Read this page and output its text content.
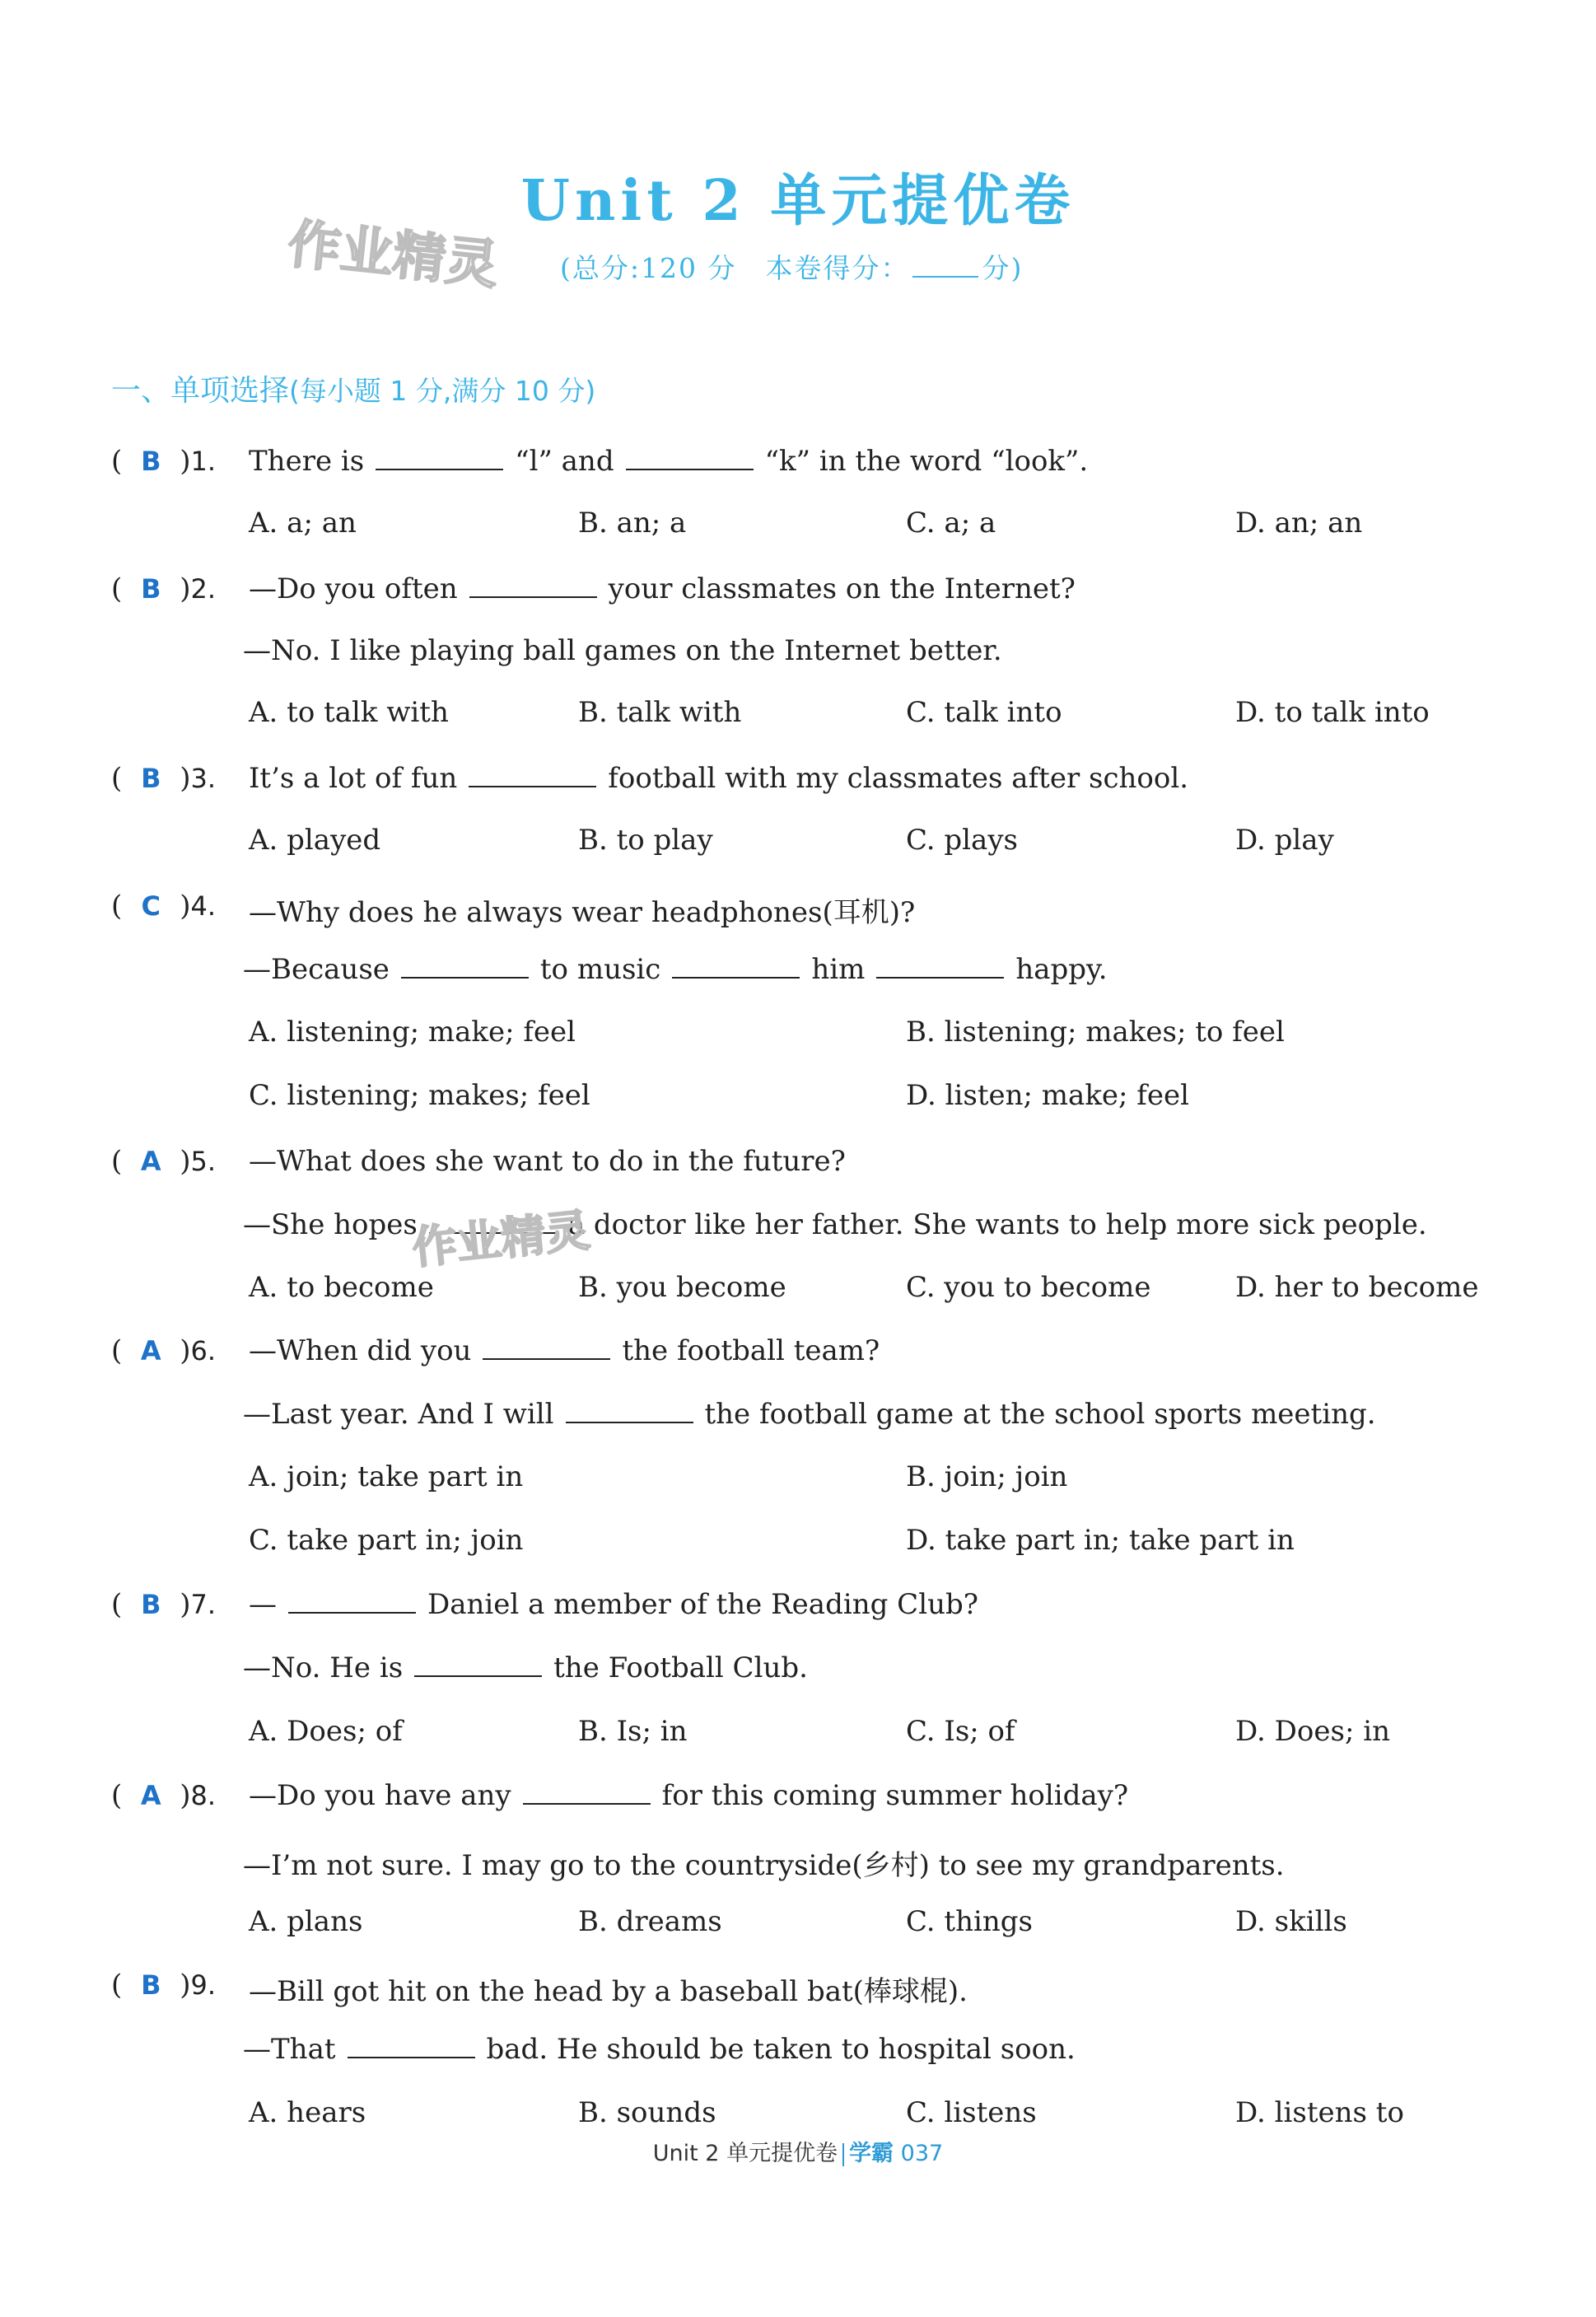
Unit 2 单元提优卷
作业精灵 (总分:120 分　本卷得分：	分)
一、单项选择(每小题 1 分,满分 10 分)
( B )1. There is	“l” and	“k” in the word “look”.
A. a; an	B. an; a	C. a; a	D. an; an
( B )2. —Do you often	your classmates on the Internet?
—No. I like playing ball games on the Internet better.
A. to talk with	B. talk with	C. talk into	D. to talk into
( B )3. It’s a lot of fun	football with my classmates after school.
A. played	B. to play	C. plays	D. play
( C )4. —Why does he always wear headphones(耳机)?
—Because	to music	him	happy.
A. listening; make; feel	B. listening; makes; to feel
C. listening; makes; feel	D. listen; make; feel
( A )5. —What does she want to do in the future?
—She hopes	a doctor like her father. She wants to help more sick people.
A. to become	B. you become	C. you to become	D. her to become
( A )6. —When did you	the football team?
—Last year. And I will	the football game at the school sports meeting.
A. join; take part in	B. join; join
C. take part in; join	D. take part in; take part in
( B )7. —	Daniel a member of the Reading Club?
—No. He is	the Football Club.
A. Does; of	B. Is; in	C. Is; of	D. Does; in
( A )8. —Do you have any	for this coming summer holiday?
—I’m not sure. I may go to the countryside(乡村) to see my grandparents.
A. plans	B. dreams	C. things	D. skills
( B )9. —Bill got hit on the head by a baseball bat(棒球棍).
—That	bad. He should be taken to hospital soon.
A. hears	B. sounds	C. listens	D. listens to
作业精灵
Unit 2 单元提优卷 学霸 037
